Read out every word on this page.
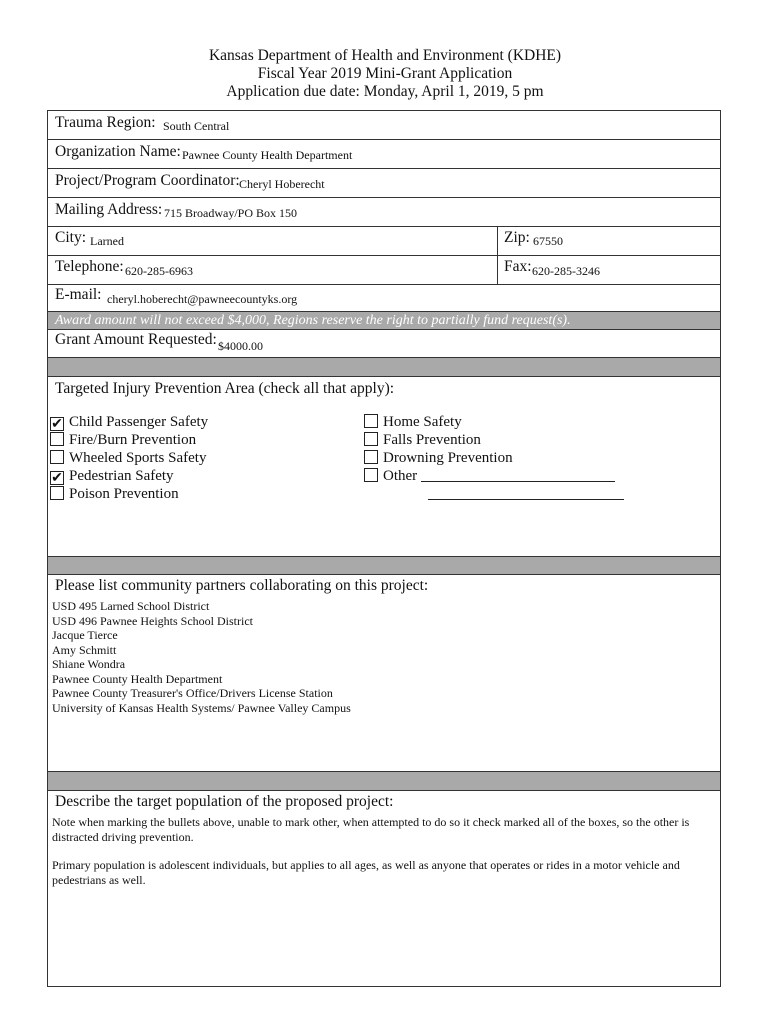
Kansas Department of Health and Environment (KDHE)
Fiscal Year 2019 Mini-Grant Application
Application due date: Monday, April 1, 2019, 5 pm
Trauma Region: South Central
Organization Name: Pawnee County Health Department
Project/Program Coordinator: Cheryl Hoberecht
Mailing Address: 715 Broadway/PO Box 150
City: Larned	Zip: 67550
Telephone: 620-285-6963	Fax: 620-285-3246
E-mail: cheryl.hoberecht@pawneecountyks.org
Award amount will not exceed $4,000, Regions reserve the right to partially fund request(s).
Grant Amount Requested: $4000.00
Targeted Injury Prevention Area (check all that apply):
✔ Child Passenger Safety
Fire/Burn Prevention
Wheeled Sports Safety
✔ Pedestrian Safety
Poison Prevention
Home Safety
Falls Prevention
Drowning Prevention
Other
Please list community partners collaborating on this project:
USD 495 Larned School District
USD 496 Pawnee Heights School District
Jacque Tierce
Amy Schmitt
Shiane Wondra
Pawnee County Health Department
Pawnee County Treasurer's Office/Drivers License Station
University of Kansas Health Systems/ Pawnee Valley Campus
Describe the target population of the proposed project:

Note when marking the bullets above, unable to mark other, when attempted to do so it check marked all of the boxes, so the other is distracted driving prevention.

Primary population is adolescent individuals, but applies to all ages, as well as anyone that operates or rides in a motor vehicle and pedestrians as well.
